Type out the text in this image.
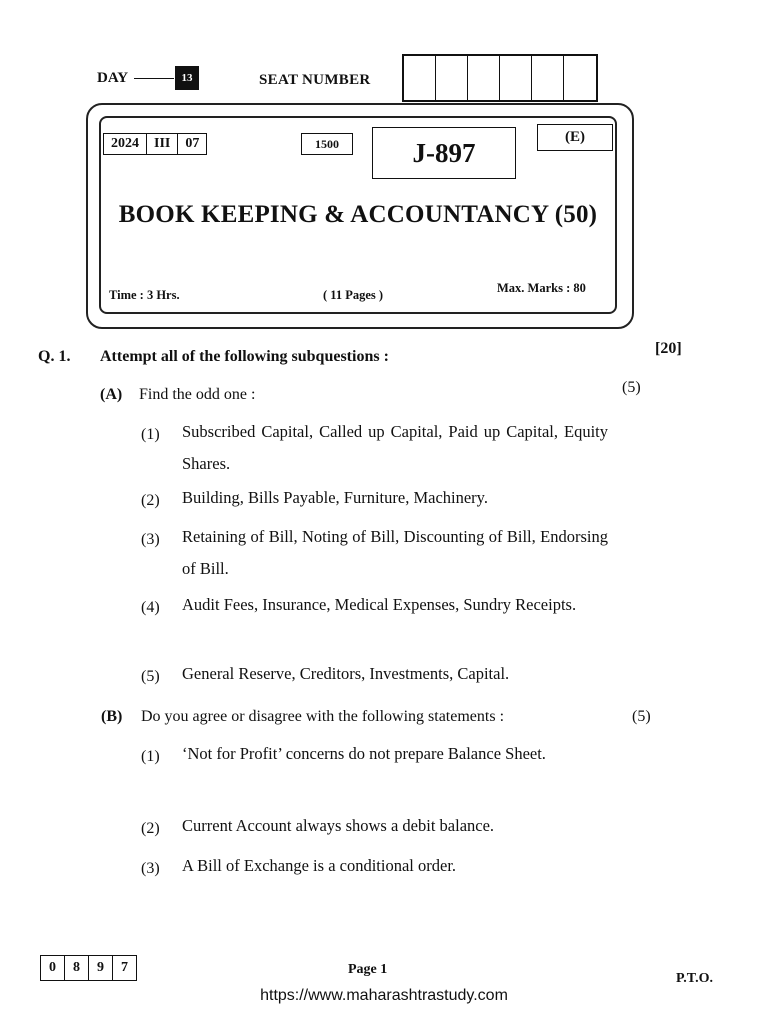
DAY	13	SEAT NUMBER
2024	III	07	1500	J-897
(E)
BOOK KEEPING & ACCOUNTANCY (50)
Time : 3 Hrs.	( 11 Pages )	Max. Marks : 80
Q. 1. Attempt all of the following subquestions :	[20]
(A) Find the odd one :	(5)
(1) Subscribed Capital, Called up Capital, Paid up Capital, Equity Shares.
(2) Building, Bills Payable, Furniture, Machinery.
(3) Retaining of Bill, Noting of Bill, Discounting of Bill, Endorsing of Bill.
(4) Audit Fees, Insurance, Medical Expenses, Sundry Receipts.
(5) General Reserve, Creditors, Investments, Capital.
(B) Do you agree or disagree with the following statements :	(5)
(1) ‘Not for Profit’ concerns do not prepare Balance Sheet.
(2) Current Account always shows a debit balance.
(3) A Bill of Exchange is a conditional order.
0	8	9	7	Page 1
P.T.O.
https://www.maharashtrastudy.com
